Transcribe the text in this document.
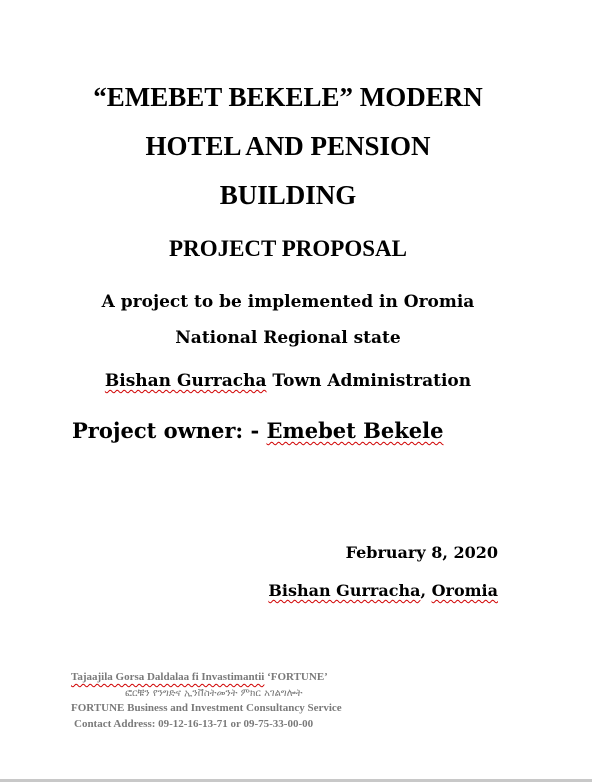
“EMEBET BEKELE” MODERN
HOTEL AND PENSION
BUILDING
PROJECT PROPOSAL
A project to be implemented in Oromia
National Regional state
Bishan Gurracha Town Administration
Project owner: - Emebet Bekele
February 8, 2020
Bishan Gurracha, Oromia
Tajaajila Gorsa Daldalaa fi Invastimantii ‘FORTUNE’
ፎርቹን የንግድና ኢንቨስትመንት ምክር አገልግሎት
FORTUNE Business and Investment Consultancy Service
Contact Address: 09-12-16-13-71 or 09-75-33-00-00
